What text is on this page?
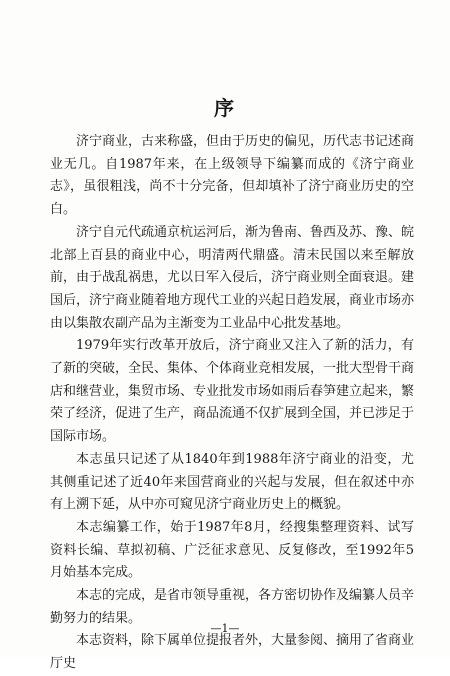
序

济宁商业，古来称盛，但由于历史的偏见，历代志书记述商业无几。自1987年来，在上级领导下编纂而成的《济宁商业志》，虽很粗浅，尚不十分完备，但却填补了济宁商业历史的空白。

济宁自元代疏通京杭运河后，渐为鲁南、鲁西及苏、豫、皖北部上百县的商业中心，明清两代鼎盛。清末民国以来至解放前，由于战乱祸患，尤以日军入侵后，济宁商业则全面衰退。建国后，济宁商业随着地方现代工业的兴起日趋发展，商业市场亦由以集散农副产品为主渐变为工业品中心批发基地。

1979年实行改革开放后，济宁商业又注入了新的活力，有了新的突破，全民、集体、个体商业竞相发展，一批大型骨干商店和继营业，集贸市场、专业批发市场如雨后春笋建立起来，繁荣了经济，促进了生产，商品流通不仅扩展到全国，并已涉足于国际市场。

本志虽只记述了从1840年到1988年济宁商业的沿变，尤其侧重记述了近40年来国营商业的兴起与发展，但在叙述中亦有上溯下延，从中亦可窥见济宁商业历史上的概貌。

本志编纂工作，始于1987年8月，经搜集整理资料、试写资料长编、草拟初稿、广泛征求意见、反复修改，至1992年5月始基本完成。

本志的完成，是省市领导重视，各方密切协作及编纂人员辛勤努力的结果。

本志资料，除下属单位提报者外，大量参阅、摘用了省商业厅史

—1—
